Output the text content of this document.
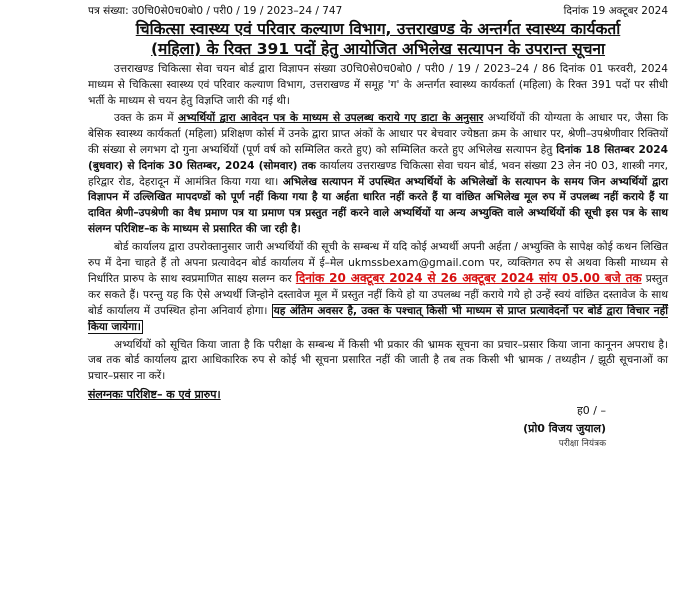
पत्र संख्या: उ0चि0से0च0बो0 / परी0 / 19 / 2023–24 / 747	दिनांक 19 अक्टूबर 2024
चिकित्सा स्वास्थ्य एवं परिवार कल्याण विभाग, उत्तराखण्ड के अन्तर्गत स्वास्थ्य कार्यकर्ता
(महिला) के रिक्त 391 पदों हेतु आयोजित अभिलेख सत्यापन के उपरान्त सूचना

उत्तराखण्ड चिकित्सा सेवा चयन बोर्ड द्वारा विज्ञापन संख्या उ0चि0से0च0बो0 / परी0 / 19 / 2023–24 / 86 दिनांक 01 फरवरी, 2024 माध्यम से चिकित्सा स्वास्थ्य एवं परिवार कल्याण विभाग, उत्तराखण्ड में समूह 'ग' के अन्तर्गत स्वास्थ्य कार्यकर्ता (महिला) के रिक्त 391 पदों पर सीधी भर्ती के माध्यम से चयन हेतु विज्ञप्ति जारी की गई थी।

उक्त के क्रम में अभ्यर्थियों द्वारा आवेदन पत्र के माध्यम से उपलब्ध कराये गए डाटा के अनुसार अभ्यर्थियों की योग्यता के आधार पर, जैसा कि बेसिक स्वास्थ्य कार्यकर्ता (महिला) प्रशिक्षण कोर्स में उनके द्वारा प्राप्त अंकों के आधार पर बेचवार ज्येष्ठता क्रम के आधार पर, श्रेणी–उपश्रेणीवार रिक्तियों की संख्या से लगभग दो गुना अभ्यर्थियों (पूर्ण वर्ष को सम्मिलित करते हुए) को सम्मिलित करते हुए अभिलेख सत्यापन हेतु दिनांक 18 सितम्बर 2024 (बुधवार) से दिनांक 30 सितम्बर, 2024 (सोमवार) तक कार्यालय उत्तराखण्ड चिकित्सा सेवा चयन बोर्ड, भवन संख्या 23 लेन नं0 03, शास्त्री नगर, हरिद्वार रोड, देहरादून में आमंत्रित किया गया था। अभिलेख सत्यापन में उपस्थित अभ्यर्थियों के अभिलेखों के सत्यापन के समय जिन अभ्यर्थियों द्वारा विज्ञापन में उल्लिखित मापदण्डों को पूर्ण नहीं किया गया है या अर्हता धारित नहीं करते हैं या वांछित अभिलेख मूल रुप में उपलब्ध नहीं कराये हैं या दावित श्रेणी–उपश्रेणी का वैध प्रमाण पत्र या प्रमाण पत्र प्रस्तुत नहीं करने वाले अभ्यर्थियों या अन्य अभ्युक्ति वाले अभ्यर्थियों की सूची इस पत्र के साथ संलग्न परिशिष्ट–क के माध्यम से प्रसारित की जा रही है।

बोर्ड कार्यालय द्वारा उपरोक्तानुसार जारी अभ्यर्थियों की सूची के सम्बन्ध में यदि कोई अभ्यर्थी अपनी अर्हता / अभ्युक्ति के सापेक्ष कोई कथन लिखित रुप में देना चाहते हैं तो अपना प्रत्यावेदन बोर्ड कार्यालय में ई–मेल ukmssbexam@gmail.com पर, व्यक्तिगत रुप से अथवा किसी माध्यम से निर्धारित प्रारुप के साथ स्वप्रमाणित साक्ष्य सलग्न कर दिनांक 20 अक्टूबर 2024 से 26 अक्टूबर 2024 सांय 05.00 बजे तक प्रस्तुत कर सकते हैं। परन्तु यह कि ऐसे अभ्यर्थी जिन्होने दस्तावेज मूल में प्रस्तुत नहीं किये हो या उपलब्ध नहीं कराये गये हो उन्हें स्वयं वांछित दस्तावेज के साथ बोर्ड कार्यालय में उपस्थित होना अनिवार्य होगा। यह अंतिम अवसर है, उक्त के पश्चात् किसी भी माध्यम से प्राप्त प्रत्यावेदनों पर बोर्ड द्वारा विचार नहीं किया जायेगा।

अभ्यर्थियों को सूचित किया जाता है कि परीक्षा के सम्बन्ध में किसी भी प्रकार की भ्रामक सूचना का प्रचार–प्रसार किया जाना कानूनन अपराध है। जब तक बोर्ड कार्यालय द्वारा आधिकारिक रुप से कोई भी सूचना प्रसारित नहीं की जाती है तब तक किसी भी भ्रामक / तथ्यहीन / झूठी सूचनाओं का प्रचार–प्रसार ना करें।

संलग्नकः परिशिष्ट– क एवं प्रारुप।
ह0 / –
(प्रो0 विजय जुयाल)
परीक्षा नियंत्रक
